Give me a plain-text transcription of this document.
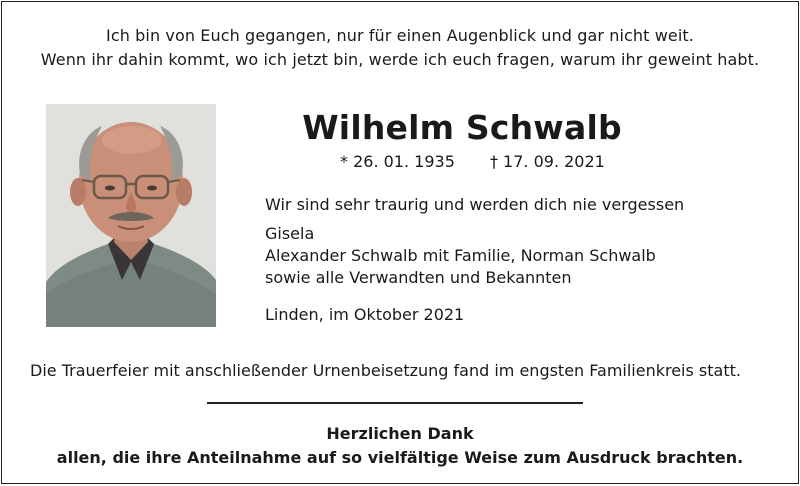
Ich bin von Euch gegangen, nur für einen Augenblick und gar nicht weit.
Wenn ihr dahin kommt, wo ich jetzt bin, werde ich euch fragen, warum ihr geweint habt.
Wilhelm Schwalb
* 26. 01. 1935 † 17. 09. 2021
Wir sind sehr traurig und werden dich nie vergessen
Gisela
Alexander Schwalb mit Familie, Norman Schwalb
sowie alle Verwandten und Bekannten
Linden, im Oktober 2021
Die Trauerfeier mit anschließender Urnenbeisetzung fand im engsten Familienkreis statt.
Herzlichen Dank
allen, die ihre Anteilnahme auf so vielfältige Weise zum Ausdruck brachten.
